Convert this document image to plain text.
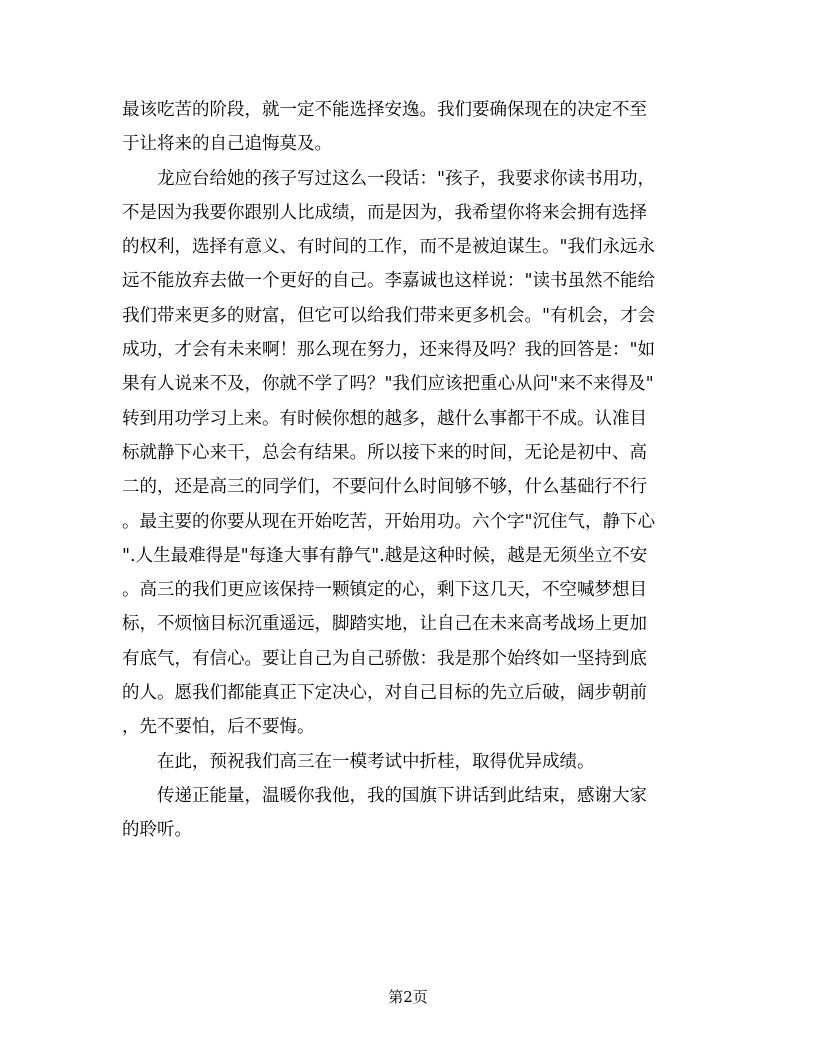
最该吃苦的阶段，就一定不能选择安逸。我们要确保现在的决定不至
于让将来的自己追悔莫及。
　　龙应台给她的孩子写过这么一段话："孩子，我要求你读书用功，
不是因为我要你跟别人比成绩，而是因为，我希望你将来会拥有选择
的权利，选择有意义、有时间的工作，而不是被迫谋生。"我们永远永
远不能放弃去做一个更好的自己。李嘉诚也这样说："读书虽然不能给
我们带来更多的财富，但它可以给我们带来更多机会。"有机会，才会
成功，才会有未来啊！那么现在努力，还来得及吗？我的回答是："如
果有人说来不及，你就不学了吗？"我们应该把重心从问"来不来得及"
转到用功学习上来。有时候你想的越多，越什么事都干不成。认准目
标就静下心来干，总会有结果。所以接下来的时间，无论是初中、高
二的，还是高三的同学们，不要问什么时间够不够，什么基础行不行
。最主要的你要从现在开始吃苦，开始用功。六个字"沉住气，静下心
".人生最难得是"每逢大事有静气".越是这种时候，越是无须坐立不安
。高三的我们更应该保持一颗镇定的心，剩下这几天，不空喊梦想目
标，不烦恼目标沉重遥远，脚踏实地，让自己在未来高考战场上更加
有底气，有信心。要让自己为自己骄傲：我是那个始终如一坚持到底
的人。愿我们都能真正下定决心，对自己目标的先立后破，阔步朝前
，先不要怕，后不要悔。
　　在此，预祝我们高三在一模考试中折桂，取得优异成绩。
　　传递正能量，温暖你我他，我的国旗下讲话到此结束，感谢大家
的聆听。
第2页
